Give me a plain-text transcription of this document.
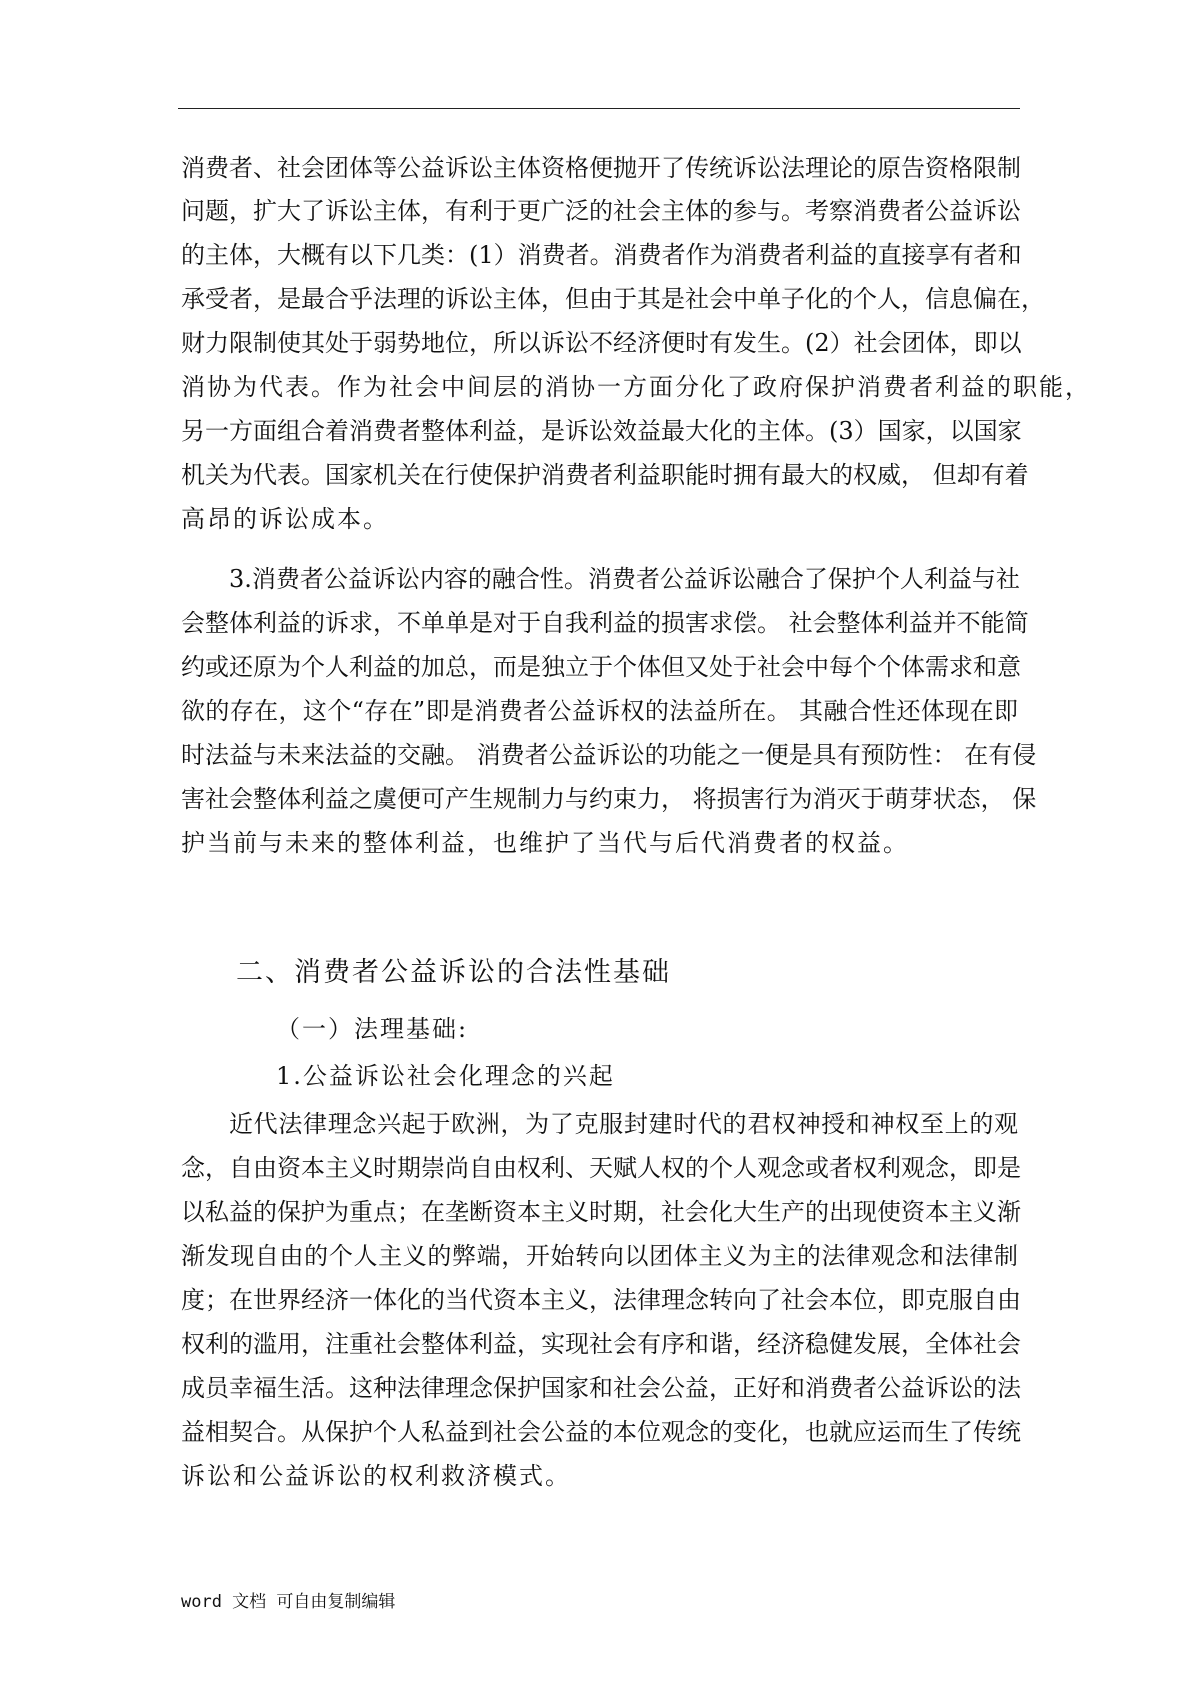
消费者、社会团体等公益诉讼主体资格便抛开了传统诉讼法理论的原告资格限制
问题，扩大了诉讼主体，有利于更广泛的社会主体的参与。考察消费者公益诉讼
的主体，大概有以下几类：(1）消费者。消费者作为消费者利益的直接享有者和
承受者，是最合乎法理的诉讼主体，但由于其是社会中单子化的个人，信息偏在，
财力限制使其处于弱势地位，所以诉讼不经济便时有发生。(2）社会团体，即以
消协为代表。作为社会中间层的消协一方面分化了政府保护消费者利益的职能，
另一方面组合着消费者整体利益，是诉讼效益最大化的主体。(3）国家，以国家
机关为代表。国家机关在行使保护消费者利益职能时拥有最大的权威， 但却有着
高昂的诉讼成本。
3.消费者公益诉讼内容的融合性。消费者公益诉讼融合了保护个人利益与社
会整体利益的诉求，不单单是对于自我利益的损害求偿。 社会整体利益并不能简
约或还原为个人利益的加总，而是独立于个体但又处于社会中每个个体需求和意
欲的存在，这个“存在”即是消费者公益诉权的法益所在。 其融合性还体现在即
时法益与未来法益的交融。 消费者公益诉讼的功能之一便是具有预防性： 在有侵
害社会整体利益之虞便可产生规制力与约束力， 将损害行为消灭于萌芽状态， 保
护当前与未来的整体利益，也维护了当代与后代消费者的权益。
二、消费者公益诉讼的合法性基础
（一）法理基础:
1.公益诉讼社会化理念的兴起
近代法律理念兴起于欧洲，为了克服封建时代的君权神授和神权至上的观
念，自由资本主义时期崇尚自由权利、天赋人权的个人观念或者权利观念，即是
以私益的保护为重点；在垄断资本主义时期，社会化大生产的出现使资本主义渐
渐发现自由的个人主义的弊端，开始转向以团体主义为主的法律观念和法律制
度；在世界经济一体化的当代资本主义，法律理念转向了社会本位，即克服自由
权利的滥用，注重社会整体利益，实现社会有序和谐，经济稳健发展，全体社会
成员幸福生活。这种法律理念保护国家和社会公益，正好和消费者公益诉讼的法
益相契合。从保护个人私益到社会公益的本位观念的变化，也就应运而生了传统
诉讼和公益诉讼的权利救济模式。
word 文档 可自由复制编辑
